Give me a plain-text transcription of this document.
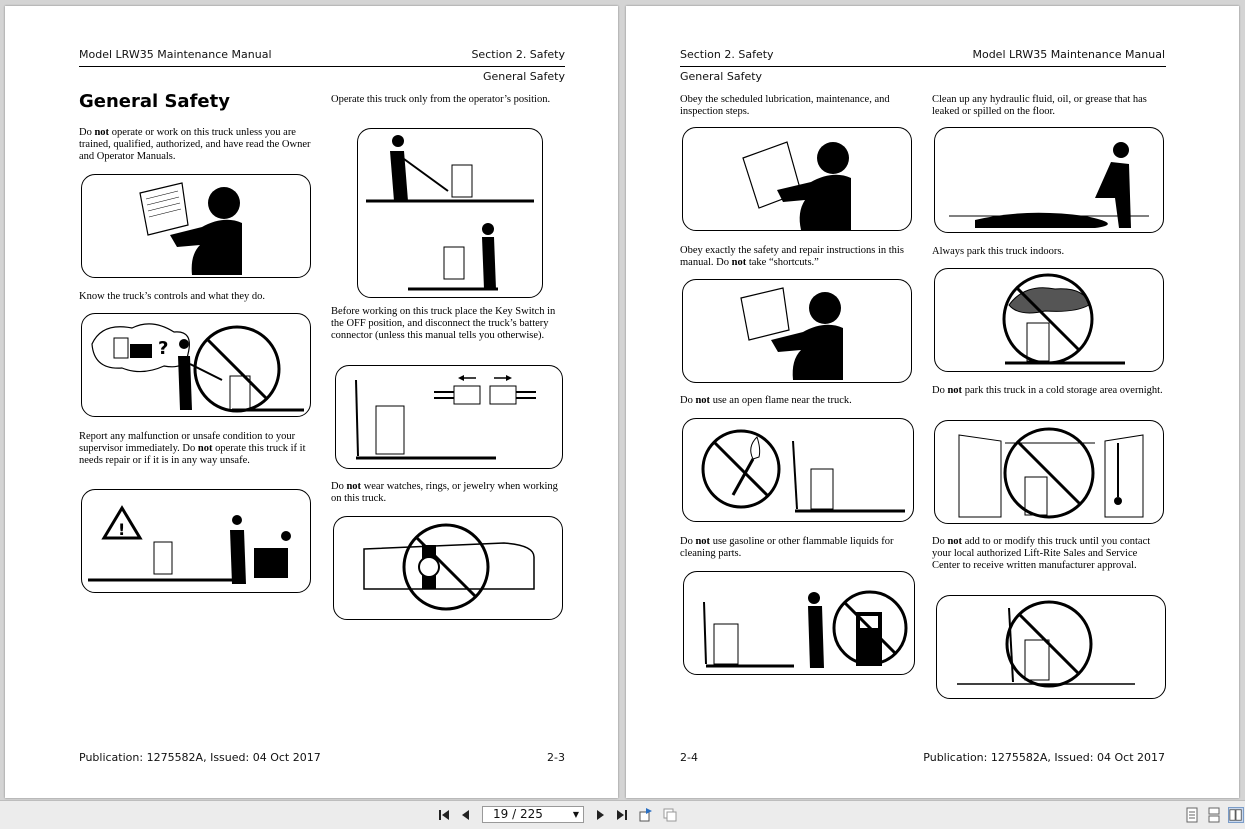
Model LRW35 Maintenance Manual	Section 2. Safety
General Safety
General Safety
Do not operate or work on this truck unless you are trained, qualified, authorized, and have read the Owner and Operator Manuals.
Know the truck’s controls and what they do.
?
Report any malfunction or unsafe condition to your supervisor immediately. Do not operate this truck if it needs repair or if it is in any way unsafe.
!
Operate this truck only from the operator’s position.
Before working on this truck place the Key Switch in the OFF position, and disconnect the truck’s battery connector (unless this manual tells you otherwise).
Do not wear watches, rings, or jewelry when working on this truck.
Publication: 1275582A, Issued: 04 Oct 2017	2-3
Section 2. Safety	Model LRW35 Maintenance Manual
General Safety
Obey the scheduled lubrication, maintenance, and inspection steps.
Obey exactly the safety and repair instructions in this manual. Do not take “shortcuts.”
Do not use an open flame near the truck.
Do not use gasoline or other flammable liquids for cleaning parts.
Clean up any hydraulic fluid, oil, or grease that has leaked or spilled on the floor.
Always park this truck indoors.
Do not park this truck in a cold storage area overnight.
Do not add to or modify this truck until you contact your local authorized Lift-Rite Sales and Service Center to receive written manufacturer approval.
2-4	Publication: 1275582A, Issued: 04 Oct 2017
19 / 225	▼
